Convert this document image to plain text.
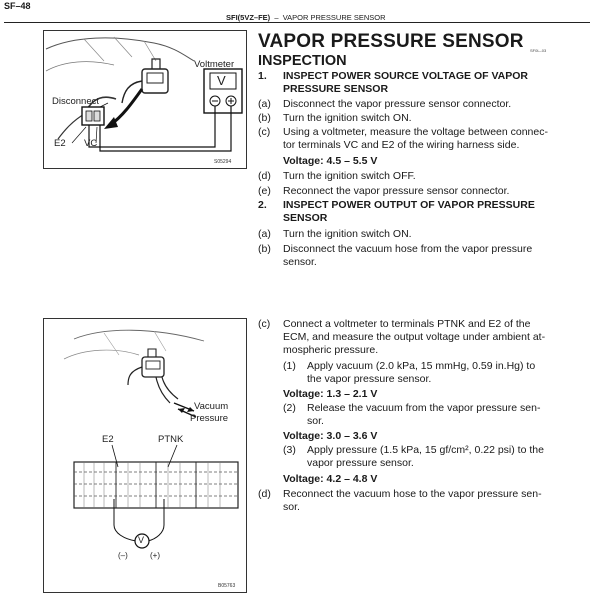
SF–48
SFI(5VZ–FE) – VAPOR PRESSURE SENSOR
Voltmeter
V
Disconnect
E2 VC
S05294
Vacuum
Pressure
E2	PTNK
V
(–)	(+)
B05763
VAPOR PRESSURE SENSOR SF0L–03
INSPECTION
1. INSPECT POWER SOURCE VOLTAGE OF VAPOR
PRESSURE SENSOR
(a) Disconnect the vapor pressure sensor connector.
(b) Turn the ignition switch ON.
(c) Using a voltmeter, measure the voltage between connec-
tor terminals VC and E2 of the wiring harness side.
Voltage: 4.5 – 5.5 V
(d) Turn the ignition switch OFF.
(e) Reconnect the vapor pressure sensor connector.
2. INSPECT POWER OUTPUT OF VAPOR PRESSURE
SENSOR
(a) Turn the ignition switch ON.
(b) Disconnect the vacuum hose from the vapor pressure
sensor.
(c) Connect a voltmeter to terminals PTNK and E2 of the
ECM, and measure the output voltage under ambient at-
mospheric pressure.
(1) Apply vacuum (2.0 kPa, 15 mmHg, 0.59 in.Hg) to
the vapor pressure sensor.
Voltage: 1.3 – 2.1 V
(2) Release the vacuum from the vapor pressure sen-
sor.
Voltage: 3.0 – 3.6 V
(3) Apply pressure (1.5 kPa, 15 gf/cm², 0.22 psi) to the
vapor pressure sensor.
Voltage: 4.2 – 4.8 V
(d) Reconnect the vacuum hose to the vapor pressure sen-
sor.
